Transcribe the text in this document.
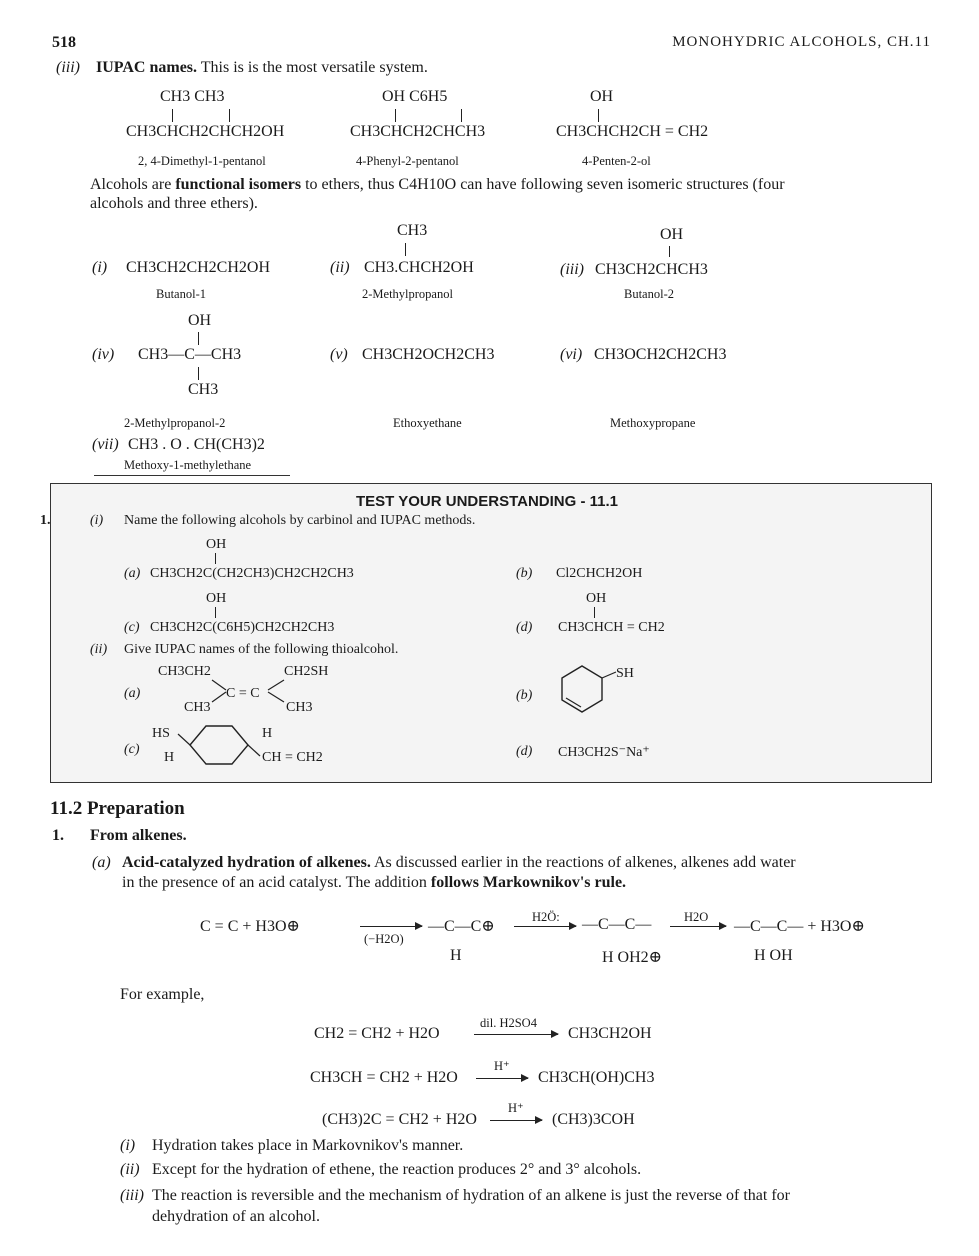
518	MONOHYDRIC ALCOHOLS, CH.11
(iii) IUPAC names. This is is the most versatile system.
CH3 CH3
CH3CHCH2CHCH2OH
2, 4-Dimethyl-1-pentanol
OH C6H5
CH3CHCH2CHCH3
4-Phenyl-2-pentanol
OH
CH3CHCH2CH = CH2
4-Penten-2-ol
Alcohols are functional isomers to ethers, thus C4H10O can have following seven isomeric structures (four
alcohols and three ethers).
(i) CH3CH2CH2CH2OH
Butanol-1
CH3
(ii) CH3.CHCH2OH
2-Methylpropanol
OH
(iii) CH3CH2CHCH3
Butanol-2
OH
(iv) CH3—C—CH3
CH3
2-Methylpropanol-2
(v) CH3CH2OCH2CH3
Ethoxyethane
(vi) CH3OCH2CH2CH3
Methoxypropane
(vii) CH3 . O . CH(CH3)2
Methoxy-1-methylethane
TEST YOUR UNDERSTANDING - 11.1
1.	(i) Name the following alcohols by carbinol and IUPAC methods.
OH
(a) CH3CH2C(CH2CH3)CH2CH2CH3	(b) Cl2CHCH2OH
OH
(c) CH3CH2C(C6H5)CH2CH2CH3
OH
(d) CH3CHCH = CH2
(ii) Give IUPAC names of the following thioalcohol.
(a)
CH3CH2	CH2SH
C = C
CH3	CH3
(b)
SH
(c)
HS
H
H
CH = CH2	(d) CH3CH2S⁻Na⁺
11.2 Preparation
1. From alkenes.
(a) Acid-catalyzed hydration of alkenes. As discussed earlier in the reactions of alkenes, alkenes add water
in the presence of an acid catalyst. The addition follows Markownikov's rule.
C = C + H3O⊕
(−H2O)
—C—C⊕
H
H2Ö: —C—C—
H OH2⊕
H2O
—C—C— + H3O⊕
H OH
For example,
CH2 = CH2 + H2O
dil. H2SO4
CH3CH2OH
CH3CH = CH2 + H2O →
H⁺
CH3CH(OH)CH3
(CH3)2C = CH2 + H2O →
H⁺
(CH3)3COH
(i) Hydration takes place in Markovnikov's manner.
(ii) Except for the hydration of ethene, the reaction produces 2° and 3° alcohols.
(iii) The reaction is reversible and the mechanism of hydration of an alkene is just the reverse of that for
dehydration of an alcohol.
